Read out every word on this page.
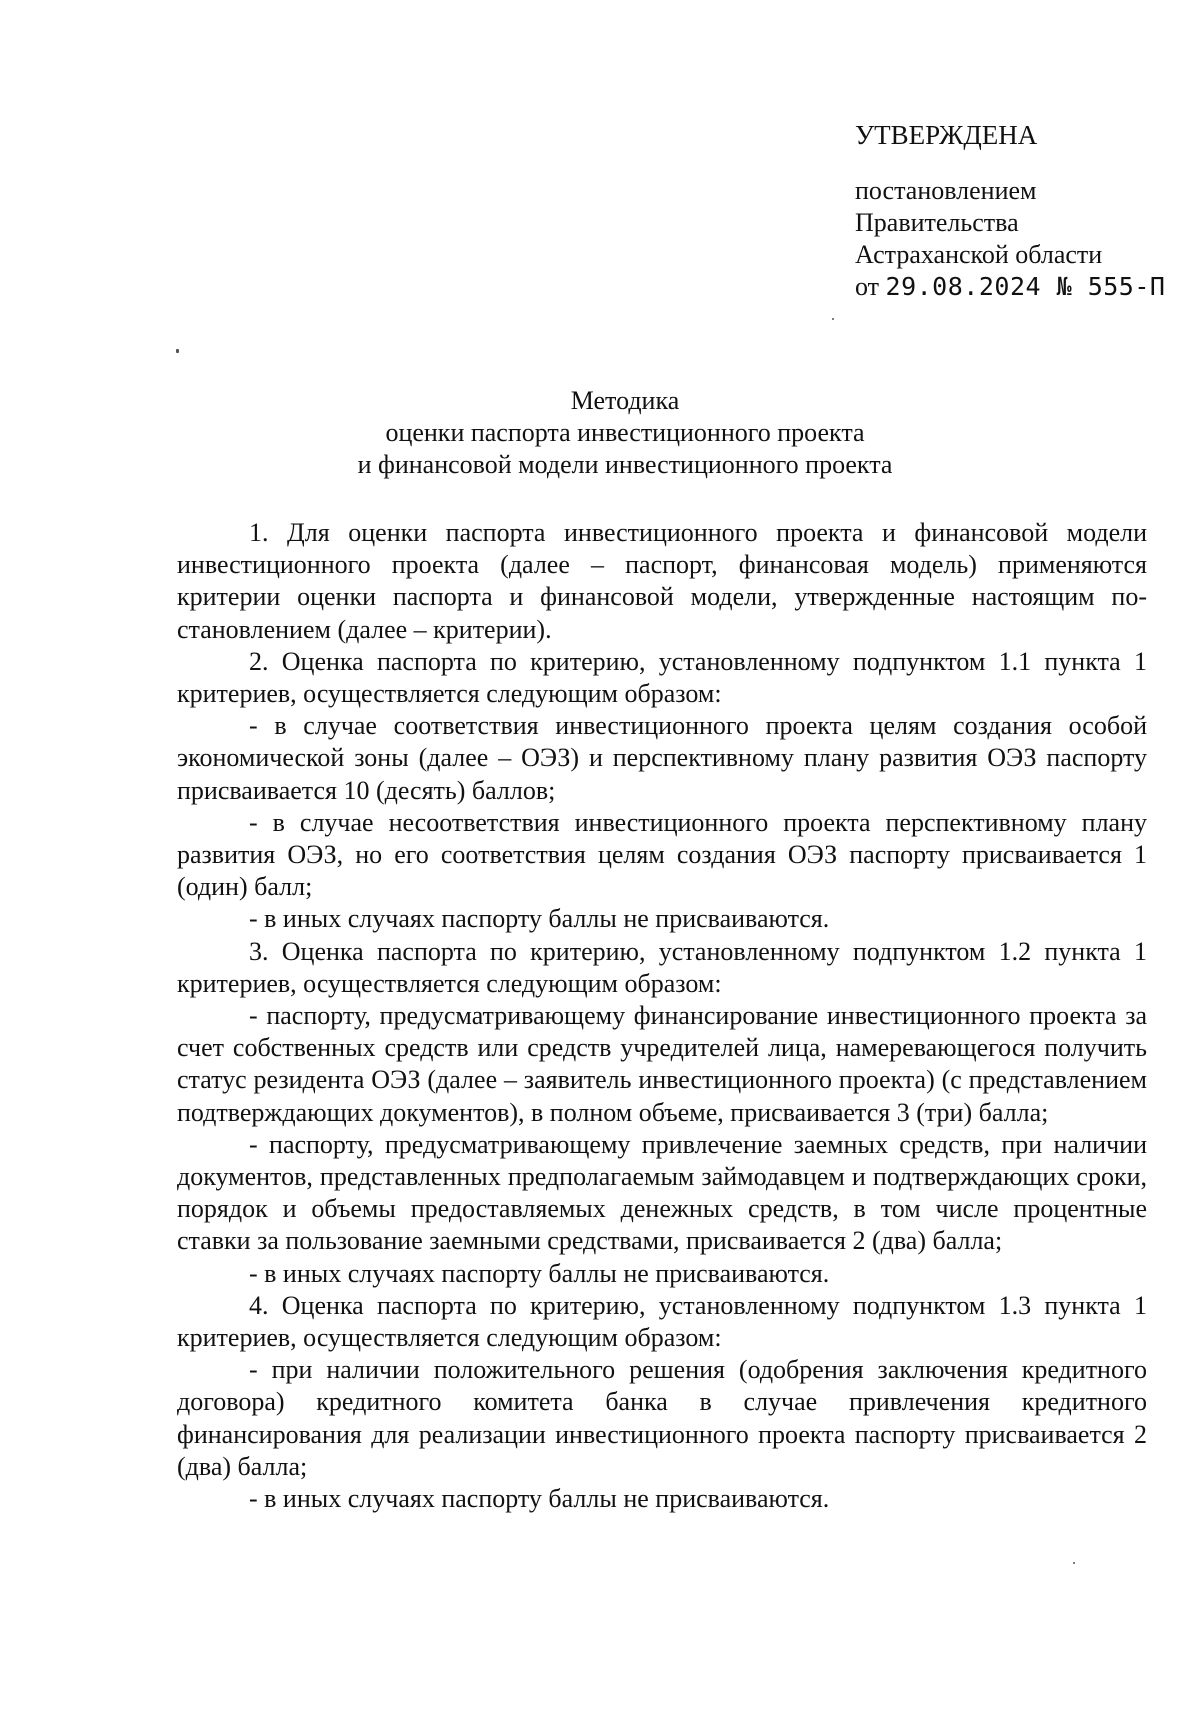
УТВЕРЖДЕНА

постановлением

Правительства

Астраханской области

от 29.08.2024 № 555-П

Методика

оценки паспорта инвестиционного проекта

и финансовой модели инвестиционного проекта

1. Для оценки паспорта инвестиционного проекта и финансовой модели инвестиционного проекта (далее – паспорт, финансовая модель) применяются критерии оценки паспорта и финансовой модели, утвержденные настоящим постановлением (далее – критерии).

2. Оценка паспорта по критерию, установленному подпунктом 1.1 пункта 1 критериев, осуществляется следующим образом:

- в случае соответствия инвестиционного проекта целям создания особой экономической зоны (далее – ОЭЗ) и перспективному плану развития ОЭЗ паспорту присваивается 10 (десять) баллов;

- в случае несоответствия инвестиционного проекта перспективному плану развития ОЭЗ, но его соответствия целям создания ОЭЗ паспорту присваивается 1 (один) балл;

- в иных случаях паспорту баллы не присваиваются.

3. Оценка паспорта по критерию, установленному подпунктом 1.2 пункта 1 критериев, осуществляется следующим образом:

- паспорту, предусматривающему финансирование инвестиционного проекта за счет собственных средств или средств учредителей лица, намеревающегося получить статус резидента ОЭЗ (далее – заявитель инвестиционного проекта) (с представлением подтверждающих документов), в полном объеме, присваивается 3 (три) балла;

- паспорту, предусматривающему привлечение заемных средств, при наличии документов, представленных предполагаемым займодавцем и подтверждающих сроки, порядок и объемы предоставляемых денежных средств, в том числе процентные ставки за пользование заемными средствами, присваивается 2 (два) балла;

- в иных случаях паспорту баллы не присваиваются.

4. Оценка паспорта по критерию, установленному подпунктом 1.3 пункта 1 критериев, осуществляется следующим образом:

- при наличии положительного решения (одобрения заключения кредитного договора) кредитного комитета банка в случае привлечения кредитного финансирования для реализации инвестиционного проекта паспорту присваивается 2 (два) балла;

- в иных случаях паспорту баллы не присваиваются.
